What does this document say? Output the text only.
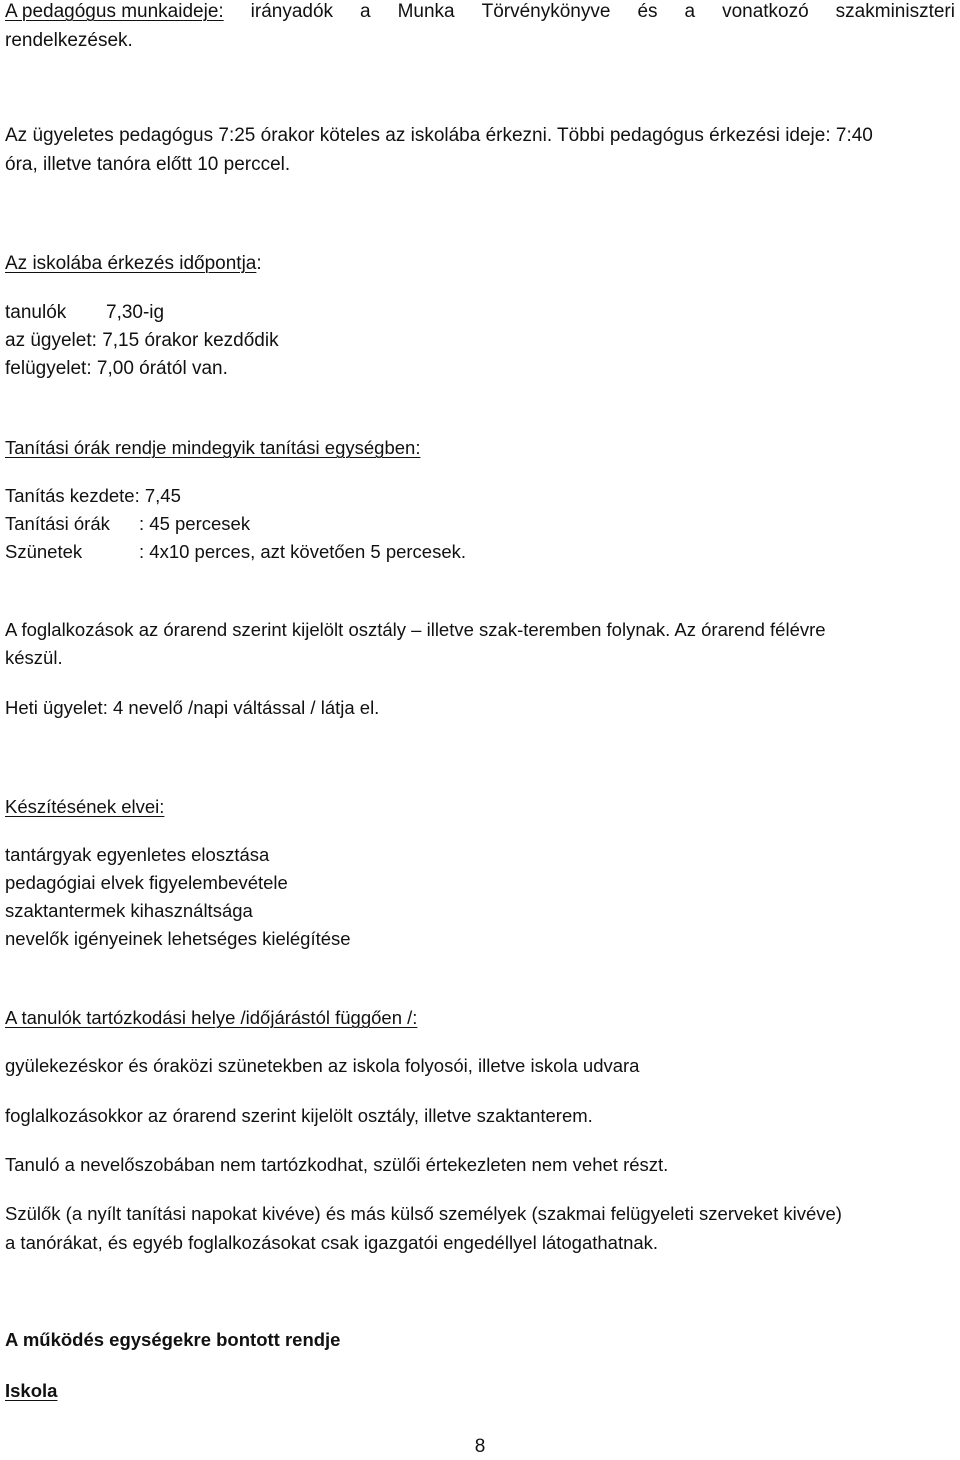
A pedagógus munkaideje: irányadók a Munka Törvénykönyve és a vonatkozó szakminiszteri
rendelkezések.
Az ügyeletes pedagógus 7:25 órakor köteles az iskolába érkezni. Többi pedagógus érkezési ideje: 7:40
óra, illetve tanóra előtt 10 perccel.
Az iskolába érkezés időpontja:
tanulók 7,30-ig
az ügyelet: 7,15 órakor kezdődik
felügyelet: 7,00 órától van.
Tanítási órák rendje mindegyik tanítási egységben:
Tanítás kezdete: 7,45
Tanítási órák : 45 percesek
Szünetek	: 4x10 perces, azt követően 5 percesek.
A foglalkozások az órarend szerint kijelölt osztály – illetve szak-teremben folynak. Az órarend félévre
készül.
Heti ügyelet: 4 nevelő /napi váltással / látja el.
Készítésének elvei:
tantárgyak egyenletes elosztása
pedagógiai elvek figyelembevétele
szaktantermek kihasználtsága
nevelők igényeinek lehetséges kielégítése
A tanulók tartózkodási helye /időjárástól függően /:
gyülekezéskor és óraközi szünetekben az iskola folyosói, illetve iskola udvara
foglalkozásokkor az órarend szerint kijelölt osztály, illetve szaktanterem.
Tanuló a nevelőszobában nem tartózkodhat, szülői értekezleten nem vehet részt.
Szülők (a nyílt tanítási napokat kivéve) és más külső személyek (szakmai felügyeleti szerveket kivéve)
a tanórákat, és egyéb foglalkozásokat csak igazgatói engedéllyel látogathatnak.
A működés egységekre bontott rendje
Iskola
8
